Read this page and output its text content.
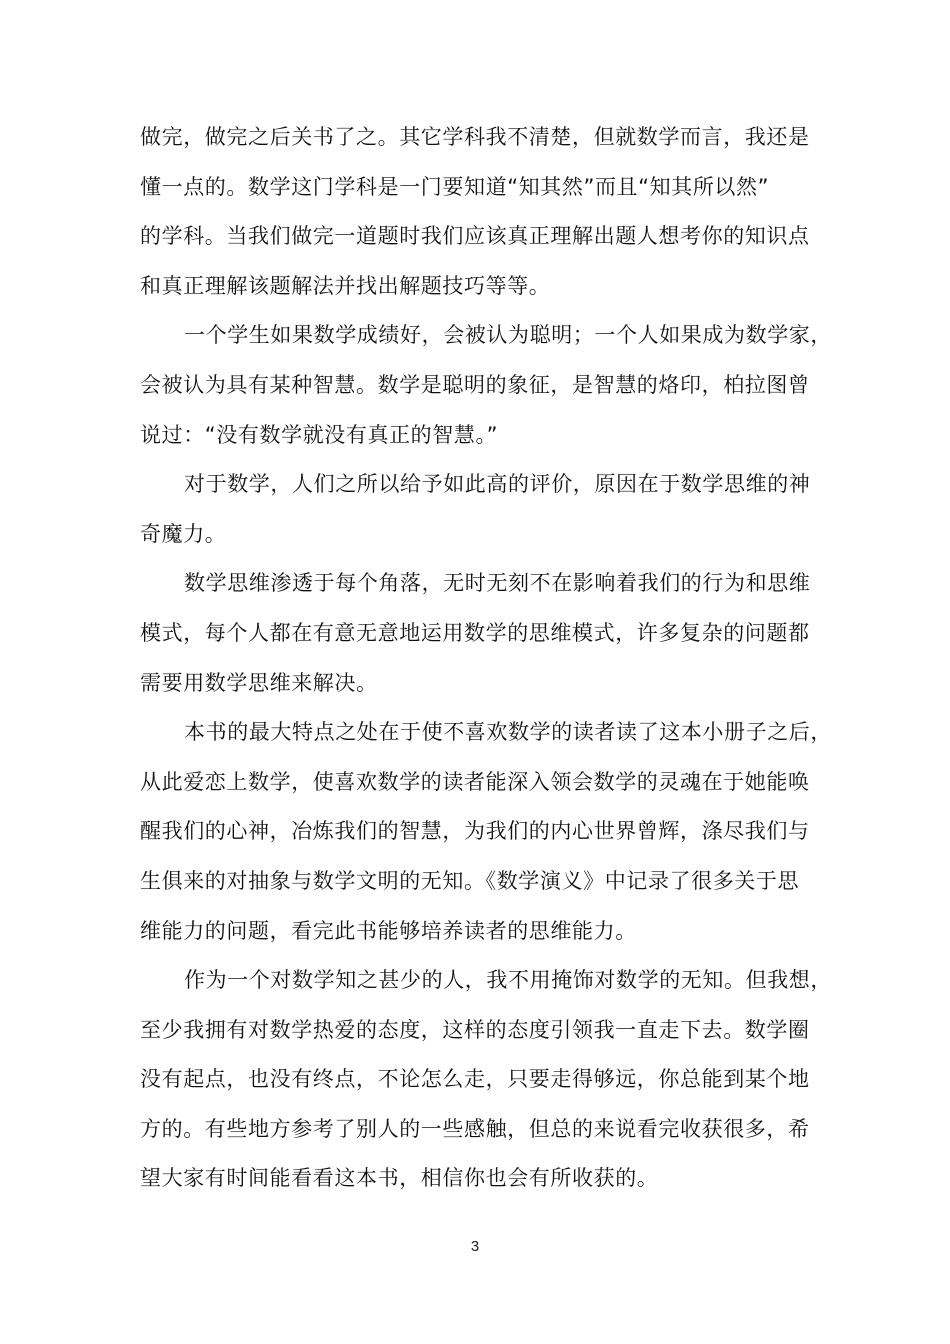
做完，做完之后关书了之。其它学科我不清楚，但就数学而言，我还是
懂一点的。数学这门学科是一门要知道“知其然”而且“知其所以然”
的学科。当我们做完一道题时我们应该真正理解出题人想考你的知识点
和真正理解该题解法并找出解题技巧等等。
一个学生如果数学成绩好，会被认为聪明；一个人如果成为数学家，
会被认为具有某种智慧。数学是聪明的象征，是智慧的烙印，柏拉图曾
说过：“没有数学就没有真正的智慧。”
对于数学，人们之所以给予如此高的评价，原因在于数学思维的神
奇魔力。
数学思维渗透于每个角落，无时无刻不在影响着我们的行为和思维
模式，每个人都在有意无意地运用数学的思维模式，许多复杂的问题都
需要用数学思维来解决。
本书的最大特点之处在于使不喜欢数学的读者读了这本小册子之后，
从此爱恋上数学，使喜欢数学的读者能深入领会数学的灵魂在于她能唤
醒我们的心神，冶炼我们的智慧，为我们的内心世界曾辉，涤尽我们与
生俱来的对抽象与数学文明的无知。《数学演义》中记录了很多关于思
维能力的问题，看完此书能够培养读者的思维能力。
作为一个对数学知之甚少的人，我不用掩饰对数学的无知。但我想，
至少我拥有对数学热爱的态度，这样的态度引领我一直走下去。数学圈
没有起点，也没有终点，不论怎么走，只要走得够远，你总能到某个地
方的。有些地方参考了别人的一些感触，但总的来说看完收获很多，希
望大家有时间能看看这本书，相信你也会有所收获的。
3
